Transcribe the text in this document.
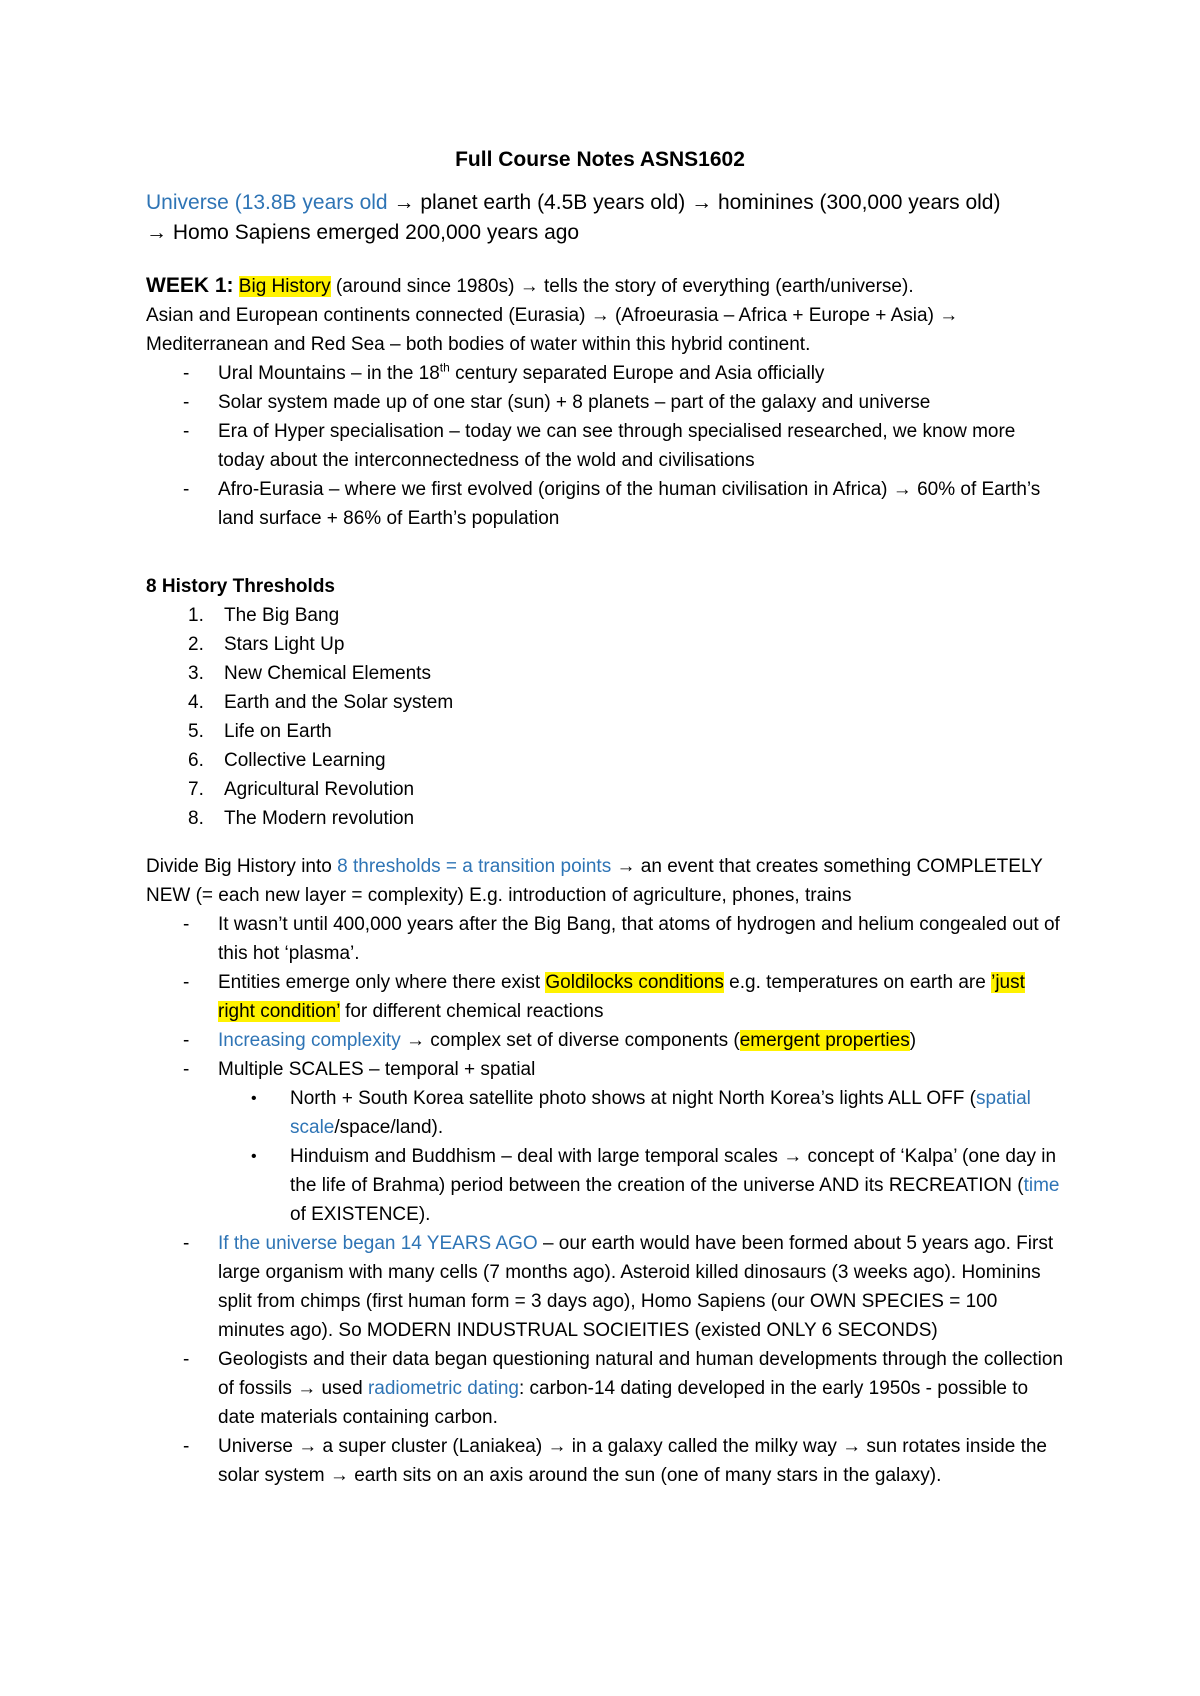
Full Course Notes ASNS1602
Universe (13.8B years old → planet earth (4.5B years old) → hominines (300,000 years old)
→ Homo Sapiens emerged 200,000 years ago
WEEK 1: Big History (around since 1980s) → tells the story of everything (earth/universe).
Asian and European continents connected (Eurasia) → (Afroeurasia – Africa + Europe + Asia) → Mediterranean and Red Sea – both bodies of water within this hybrid continent.
- Ural Mountains – in the 18th century separated Europe and Asia officially
- Solar system made up of one star (sun) + 8 planets – part of the galaxy and universe
- Era of Hyper specialisation – today we can see through specialised researched, we know more today about the interconnectedness of the wold and civilisations
- Afro-Eurasia – where we first evolved (origins of the human civilisation in Africa) → 60% of Earth’s land surface + 86% of Earth’s population
8 History Thresholds
1. The Big Bang
2. Stars Light Up
3. New Chemical Elements
4. Earth and the Solar system
5. Life on Earth
6. Collective Learning
7. Agricultural Revolution
8. The Modern revolution
Divide Big History into 8 thresholds = a transition points → an event that creates something COMPLETELY NEW (= each new layer = complexity) E.g. introduction of agriculture, phones, trains
- It wasn’t until 400,000 years after the Big Bang, that atoms of hydrogen and helium congealed out of this hot ‘plasma’.
- Entities emerge only where there exist Goldilocks conditions e.g. temperatures on earth are ’just right condition’ for different chemical reactions
- Increasing complexity → complex set of diverse components (emergent properties)
- Multiple SCALES – temporal + spatial
• North + South Korea satellite photo shows at night North Korea’s lights ALL OFF (spatial scale/space/land).
• Hinduism and Buddhism – deal with large temporal scales → concept of ‘Kalpa’ (one day in the life of Brahma) period between the creation of the universe AND its RECREATION (time of EXISTENCE).
- If the universe began 14 YEARS AGO – our earth would have been formed about 5 years ago. First large organism with many cells (7 months ago). Asteroid killed dinosaurs (3 weeks ago). Hominins split from chimps (first human form = 3 days ago), Homo Sapiens (our OWN SPECIES = 100 minutes ago). So MODERN INDUSTRUAL SOCIEITIES (existed ONLY 6 SECONDS)
- Geologists and their data began questioning natural and human developments through the collection of fossils → used radiometric dating: carbon-14 dating developed in the early 1950s - possible to date materials containing carbon.
- Universe → a super cluster (Laniakea) → in a galaxy called the milky way → sun rotates inside the solar system → earth sits on an axis around the sun (one of many stars in the galaxy).
